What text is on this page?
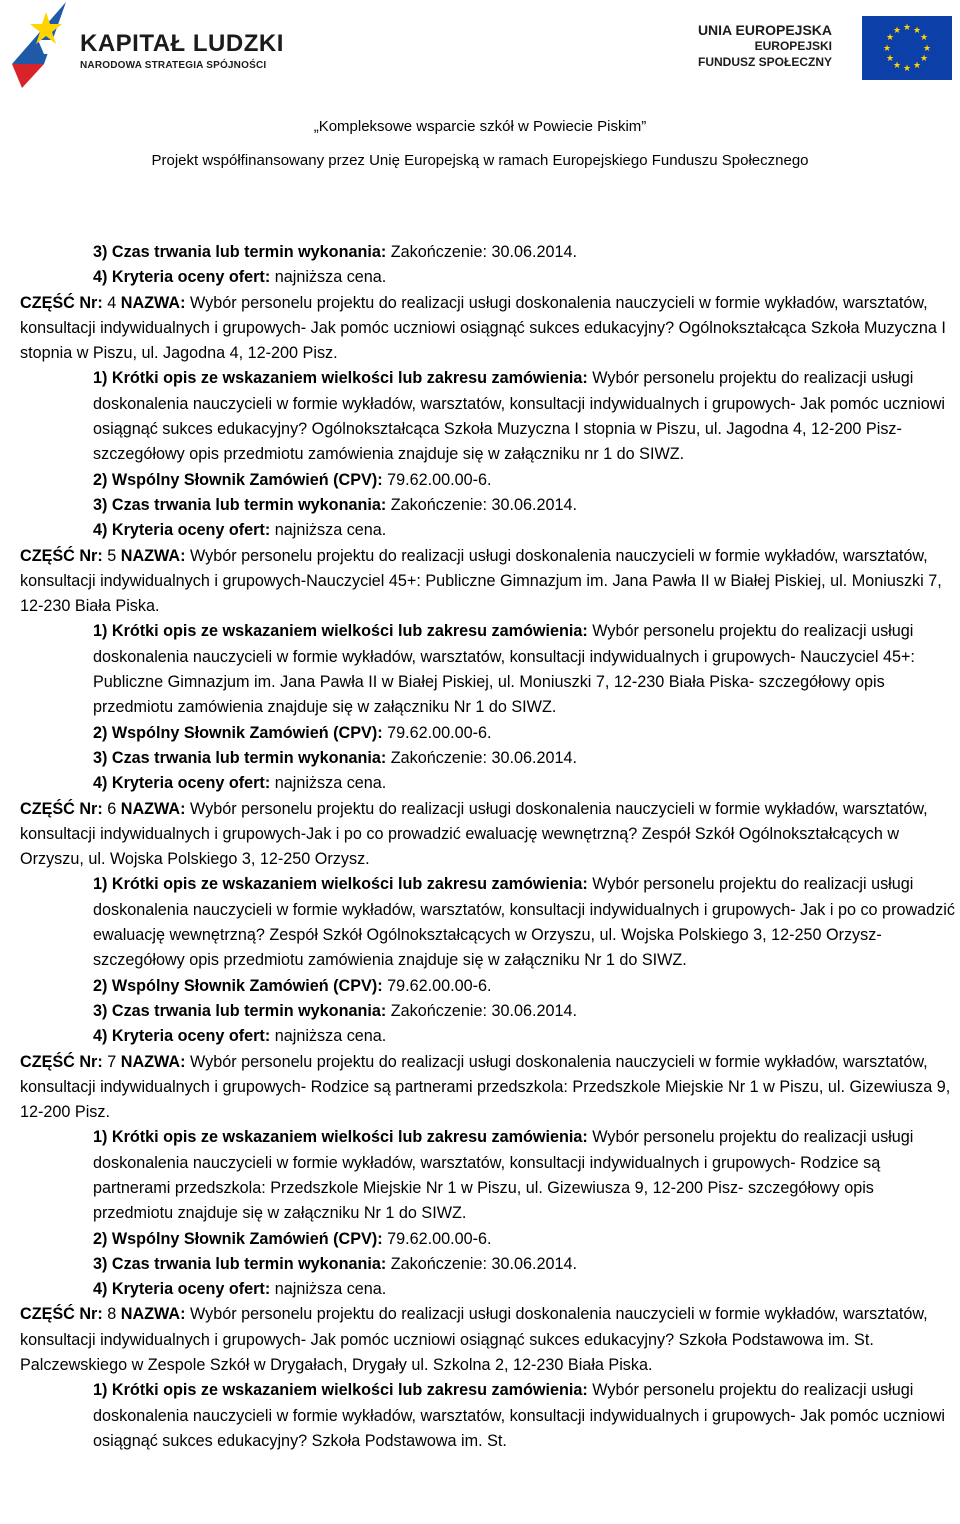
KAPITAŁ LUDZKI
NARODOWA STRATEGIA SPÓJNOŚCI
UNIA EUROPEJSKA
EUROPEJSKI
FUNDUSZ SPOŁECZNY
★ ★
★
★
★
★
★
★
★
★
★
★
„Kompleksowe wsparcie szkół w Powiecie Piskim”
Projekt współfinansowany przez Unię Europejską w ramach Europejskiego Funduszu Społecznego

3) Czas trwania lub termin wykonania: Zakończenie: 30.06.2014.

4) Kryteria oceny ofert: najniższa cena.

CZĘŚĆ Nr: 4 NAZWA: Wybór personelu projektu do realizacji usługi doskonalenia nauczycieli w formie wykładów, warsztatów, konsultacji indywidualnych i grupowych- Jak pomóc uczniowi osiągnąć sukces edukacyjny? Ogólnokształcąca Szkoła Muzyczna I stopnia w Piszu, ul. Jagodna 4, 12-200 Pisz.

1) Krótki opis ze wskazaniem wielkości lub zakresu zamówienia: Wybór personelu projektu do realizacji usługi doskonalenia nauczycieli w formie wykładów, warsztatów, konsultacji indywidualnych i grupowych- Jak pomóc uczniowi osiągnąć sukces edukacyjny? Ogólnokształcąca Szkoła Muzyczna I stopnia w Piszu, ul. Jagodna 4, 12-200 Pisz- szczegółowy opis przedmiotu zamówienia znajduje się w załączniku nr 1 do SIWZ.

2) Wspólny Słownik Zamówień (CPV): 79.62.00.00-6.

3) Czas trwania lub termin wykonania: Zakończenie: 30.06.2014.

4) Kryteria oceny ofert: najniższa cena.

CZĘŚĆ Nr: 5 NAZWA: Wybór personelu projektu do realizacji usługi doskonalenia nauczycieli w formie wykładów, warsztatów, konsultacji indywidualnych i grupowych-Nauczyciel 45+: Publiczne Gimnazjum im. Jana Pawła II w Białej Piskiej, ul. Moniuszki 7, 12-230 Biała Piska.

1) Krótki opis ze wskazaniem wielkości lub zakresu zamówienia: Wybór personelu projektu do realizacji usługi doskonalenia nauczycieli w formie wykładów, warsztatów, konsultacji indywidualnych i grupowych- Nauczyciel 45+: Publiczne Gimnazjum im. Jana Pawła II w Białej Piskiej, ul. Moniuszki 7, 12-230 Biała Piska- szczegółowy opis przedmiotu zamówienia znajduje się w załączniku Nr 1 do SIWZ.

2) Wspólny Słownik Zamówień (CPV): 79.62.00.00-6.

3) Czas trwania lub termin wykonania: Zakończenie: 30.06.2014.

4) Kryteria oceny ofert: najniższa cena.

CZĘŚĆ Nr: 6 NAZWA: Wybór personelu projektu do realizacji usługi doskonalenia nauczycieli w formie wykładów, warsztatów, konsultacji indywidualnych i grupowych-Jak i po co prowadzić ewaluację wewnętrzną? Zespół Szkół Ogólnokształcących w Orzyszu, ul. Wojska Polskiego 3, 12-250 Orzysz.

1) Krótki opis ze wskazaniem wielkości lub zakresu zamówienia: Wybór personelu projektu do realizacji usługi doskonalenia nauczycieli w formie wykładów, warsztatów, konsultacji indywidualnych i grupowych- Jak i po co prowadzić ewaluację wewnętrzną? Zespół Szkół Ogólnokształcących w Orzyszu, ul. Wojska Polskiego 3, 12-250 Orzysz- szczegółowy opis przedmiotu zamówienia znajduje się w załączniku Nr 1 do SIWZ.

2) Wspólny Słownik Zamówień (CPV): 79.62.00.00-6.

3) Czas trwania lub termin wykonania: Zakończenie: 30.06.2014.

4) Kryteria oceny ofert: najniższa cena.

CZĘŚĆ Nr: 7 NAZWA: Wybór personelu projektu do realizacji usługi doskonalenia nauczycieli w formie wykładów, warsztatów, konsultacji indywidualnych i grupowych- Rodzice są partnerami przedszkola: Przedszkole Miejskie Nr 1 w Piszu, ul. Gizewiusza 9, 12-200 Pisz.

1) Krótki opis ze wskazaniem wielkości lub zakresu zamówienia: Wybór personelu projektu do realizacji usługi doskonalenia nauczycieli w formie wykładów, warsztatów, konsultacji indywidualnych i grupowych- Rodzice są partnerami przedszkola: Przedszkole Miejskie Nr 1 w Piszu, ul. Gizewiusza 9, 12-200 Pisz- szczegółowy opis przedmiotu znajduje się w załączniku Nr 1 do SIWZ.

2) Wspólny Słownik Zamówień (CPV): 79.62.00.00-6.

3) Czas trwania lub termin wykonania: Zakończenie: 30.06.2014.

4) Kryteria oceny ofert: najniższa cena.

CZĘŚĆ Nr: 8 NAZWA: Wybór personelu projektu do realizacji usługi doskonalenia nauczycieli w formie wykładów, warsztatów, konsultacji indywidualnych i grupowych- Jak pomóc uczniowi osiągnąć sukces edukacyjny? Szkoła Podstawowa im. St. Palczewskiego w Zespole Szkół w Drygałach, Drygały ul. Szkolna 2, 12-230 Biała Piska.

1) Krótki opis ze wskazaniem wielkości lub zakresu zamówienia: Wybór personelu projektu do realizacji usługi doskonalenia nauczycieli w formie wykładów, warsztatów, konsultacji indywidualnych i grupowych- Jak pomóc uczniowi osiągnąć sukces edukacyjny? Szkoła Podstawowa im. St.
